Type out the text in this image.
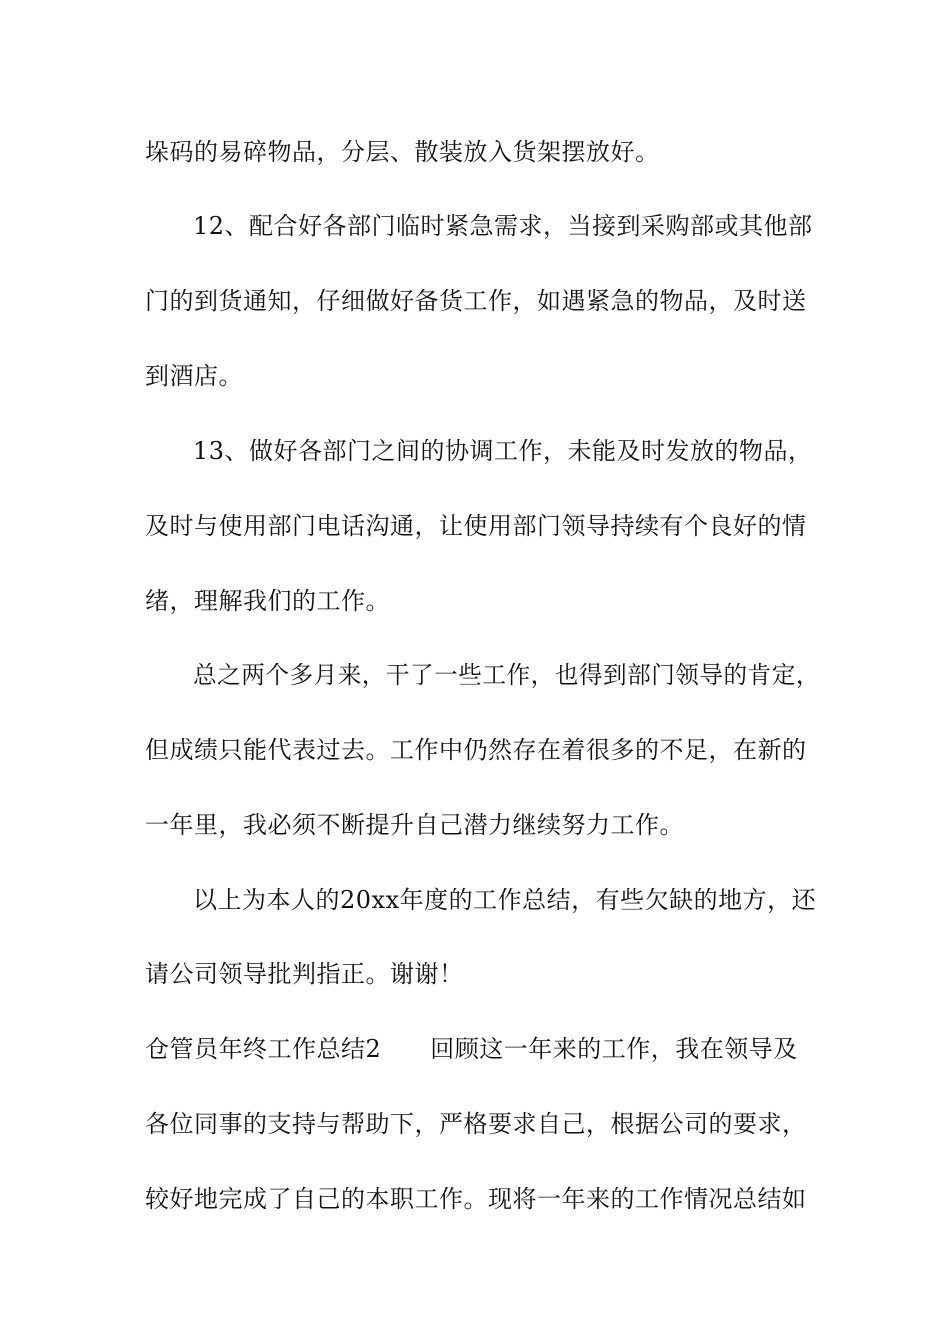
垛码的易碎物品，分层、散装放入货架摆放好。
12、配合好各部门临时紧急需求，当接到采购部或其他部
门的到货通知，仔细做好备货工作，如遇紧急的物品，及时送
到酒店。
13、做好各部门之间的协调工作，未能及时发放的物品，
及时与使用部门电话沟通，让使用部门领导持续有个良好的情
绪，理解我们的工作。
总之两个多月来，干了一些工作，也得到部门领导的肯定，
但成绩只能代表过去。工作中仍然存在着很多的不足，在新的
一年里，我必须不断提升自己潜力继续努力工作。
以上为本人的20xx年度的工作总结，有些欠缺的地方，还
请公司领导批判指正。谢谢！
仓管员年终工作总结2　　回顾这一年来的工作，我在领导及
各位同事的支持与帮助下，严格要求自己，根据公司的要求，
较好地完成了自己的本职工作。现将一年来的工作情况总结如
